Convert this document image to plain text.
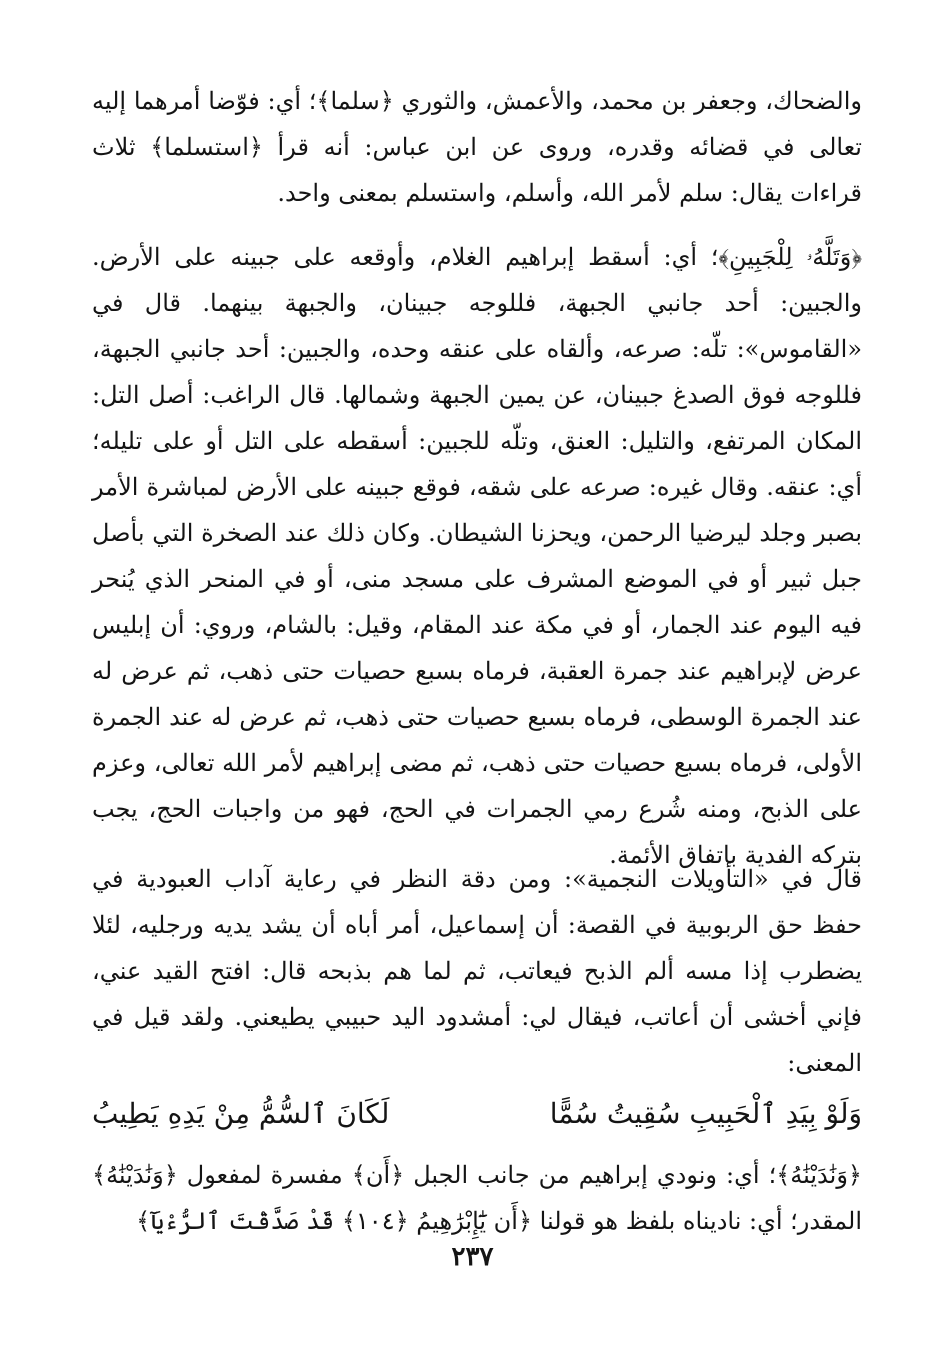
والضحاك، وجعفر بن محمد، والأعمش، والثوري ﴿سلما﴾؛ أي: فوّضا أمرهما إليه تعالى في قضائه وقدره، وروى عن ابن عباس: أنه قرأ ﴿استسلما﴾ ثلاث قراءات يقال: سلم لأمر الله، وأسلم، واستسلم بمعنى واحد.

﴿وَتَلَّهُۥ لِلْجَبِينِ﴾؛ أي: أسقط إبراهيم الغلام، وأوقعه على جبينه على الأرض. والجبين: أحد جانبي الجبهة، فللوجه جبينان، والجبهة بينهما. قال في «القاموس»: تلّه: صرعه، وألقاه على عنقه وحده، والجبين: أحد جانبي الجبهة، فللوجه فوق الصدغ جبينان، عن يمين الجبهة وشمالها. قال الراغب: أصل التل: المكان المرتفع، والتليل: العنق، وتلّه للجبين: أسقطه على التل أو على تليله؛ أي: عنقه. وقال غيره: صرعه على شقه، فوقع جبينه على الأرض لمباشرة الأمر بصبر وجلد ليرضيا الرحمن، ويحزنا الشيطان. وكان ذلك عند الصخرة التي بأصل جبل ثبير أو في الموضع المشرف على مسجد منى، أو في المنحر الذي يُنحر فيه اليوم عند الجمار، أو في مكة عند المقام، وقيل: بالشام، وروي: أن إبليس عرض لإبراهيم عند جمرة العقبة، فرماه بسبع حصيات حتى ذهب، ثم عرض له عند الجمرة الوسطى، فرماه بسبع حصيات حتى ذهب، ثم عرض له عند الجمرة الأولى، فرماه بسبع حصيات حتى ذهب، ثم مضى إبراهيم لأمر الله تعالى، وعزم على الذبح، ومنه شُرع رمي الجمرات في الحج، فهو من واجبات الحج، يجب بتركه الفدية باتفاق الأئمة.

قال في «التأويلات النجمية»: ومن دقة النظر في رعاية آداب العبودية في حفظ حق الربوبية في القصة: أن إسماعيل، أمر أباه أن يشد يديه ورجليه، لئلا يضطرب إذا مسه ألم الذبح فيعاتب، ثم لما هم بذبحه قال: افتح القيد عني، فإني أخشى أن أعاتب، فيقال لي: أمشدود اليد حبيبي يطيعني. ولقد قيل في المعنى:

وَلَوْ بِيَدِ ٱلْحَبِيبِ سُقِيتُ سُمًّا
لَكَانَ ٱلسُّمُّ مِنْ يَدِهِ يَطِيبُ

﴿وَنَٰدَيْنَٰهُ﴾؛ أي: ونودي إبراهيم من جانب الجبل ﴿أَن﴾ مفسرة لمفعول ﴿وَنَٰدَيْنَٰهُ﴾ المقدر؛ أي: ناديناه بلفظ هو قولنا ﴿أَن يَٰٓإِبْرَٰهِيمُ ﴿١٠٤﴾ قَدْ صَدَّقْتَ ٱلرُّءْيَآ﴾

٢٣٧
